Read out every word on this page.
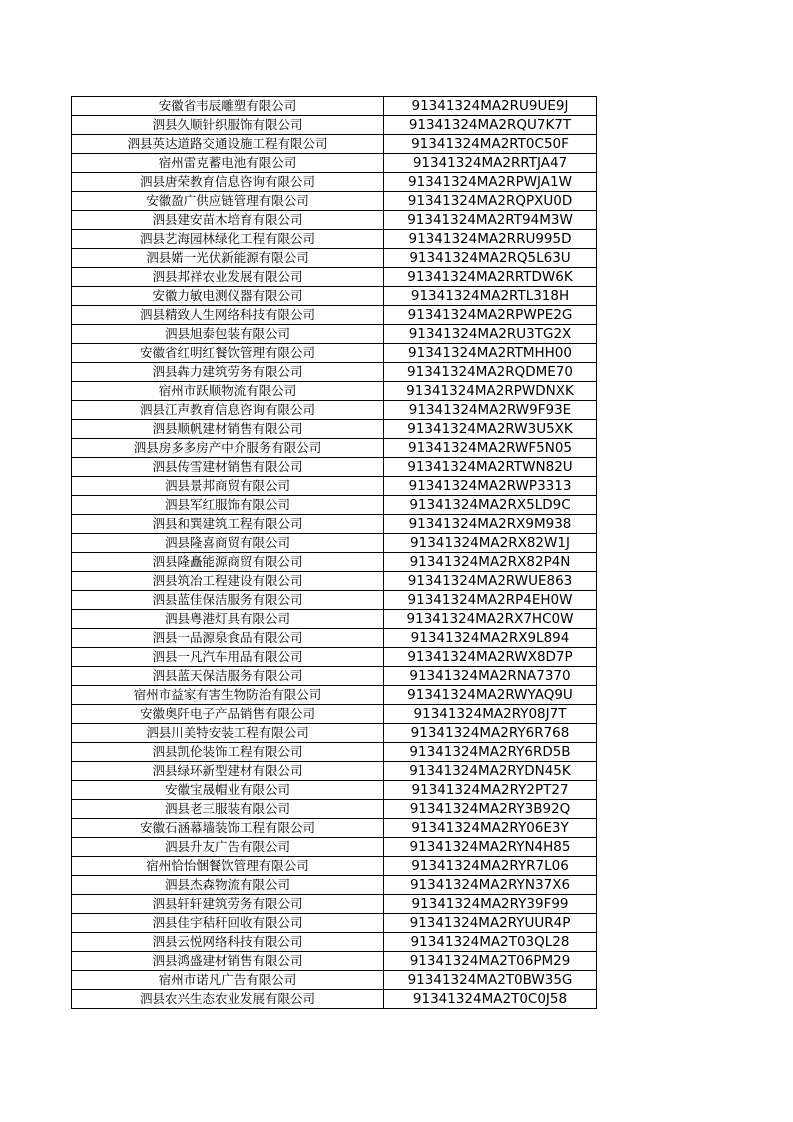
安徽省韦辰雕塑有限公司	91341324MA2RU9UE9J
泗县久顺针织服饰有限公司	91341324MA2RQU7K7T
泗县英达道路交通设施工程有限公司	91341324MA2RT0C50F
宿州雷克蓄电池有限公司	91341324MA2RRTJA47
泗县唐荣教育信息咨询有限公司	91341324MA2RPWJA1W
安徽盈广供应链管理有限公司	91341324MA2RQPXU0D
泗县建安苗木培育有限公司	91341324MA2RT94M3W
泗县艺海园林绿化工程有限公司	91341324MA2RRU995D
泗县婼一光伏新能源有限公司	91341324MA2RQ5L63U
泗县邦祥农业发展有限公司	91341324MA2RRTDW6K
安徽力敏电测仪器有限公司	91341324MA2RTL318H
泗县精致人生网络科技有限公司	91341324MA2RPWPE2G
泗县旭泰包装有限公司	91341324MA2RU3TG2X
安徽省红明红餐饮管理有限公司	91341324MA2RTMHH00
泗县犇力建筑劳务有限公司	91341324MA2RQDME70
宿州市跃顺物流有限公司	91341324MA2RPWDNXK
泗县江声教育信息咨询有限公司	91341324MA2RW9F93E
泗县顺帆建材销售有限公司	91341324MA2RW3U5XK
泗县房多多房产中介服务有限公司	91341324MA2RWF5N05
泗县传雪建材销售有限公司	91341324MA2RTWN82U
泗县景邦商贸有限公司	91341324MA2RWP3313
泗县军红服饰有限公司	91341324MA2RX5LD9C
泗县和巽建筑工程有限公司	91341324MA2RX9M938
泗县隆喜商贸有限公司	91341324MA2RX82W1J
泗县隆矗能源商贸有限公司	91341324MA2RX82P4N
泗县筑冶工程建设有限公司	91341324MA2RWUE863
泗县蓝佳保洁服务有限公司	91341324MA2RP4EH0W
泗县粤港灯具有限公司	91341324MA2RX7HC0W
泗县一品源泉食品有限公司	91341324MA2RX9L894
泗县一凡汽车用品有限公司	91341324MA2RWX8D7P
泗县蓝天保洁服务有限公司	91341324MA2RNA7370
宿州市益家有害生物防治有限公司	91341324MA2RWYAQ9U
安徽奥阡电子产品销售有限公司	91341324MA2RY08J7T
泗县川美特安装工程有限公司	91341324MA2RY6R768
泗县凯伦装饰工程有限公司	91341324MA2RY6RD5B
泗县绿环新型建材有限公司	91341324MA2RYDN45K
安徽宝晟帽业有限公司	91341324MA2RY2PT27
泗县老三服装有限公司	91341324MA2RY3B92Q
安徽石涵幕墙装饰工程有限公司	91341324MA2RY06E3Y
泗县升友广告有限公司	91341324MA2RYN4H85
宿州恰怡悃餐饮管理有限公司	91341324MA2RYR7L06
泗县杰森物流有限公司	91341324MA2RYN37X6
泗县轩轩建筑劳务有限公司	91341324MA2RY39F99
泗县佳宇秸秆回收有限公司	91341324MA2RYUUR4P
泗县云悦网络科技有限公司	91341324MA2T03QL28
泗县鸿盛建材销售有限公司	91341324MA2T06PM29
宿州市诺凡广告有限公司	91341324MA2T0BW35G
泗县农兴生态农业发展有限公司	91341324MA2T0C0J58
